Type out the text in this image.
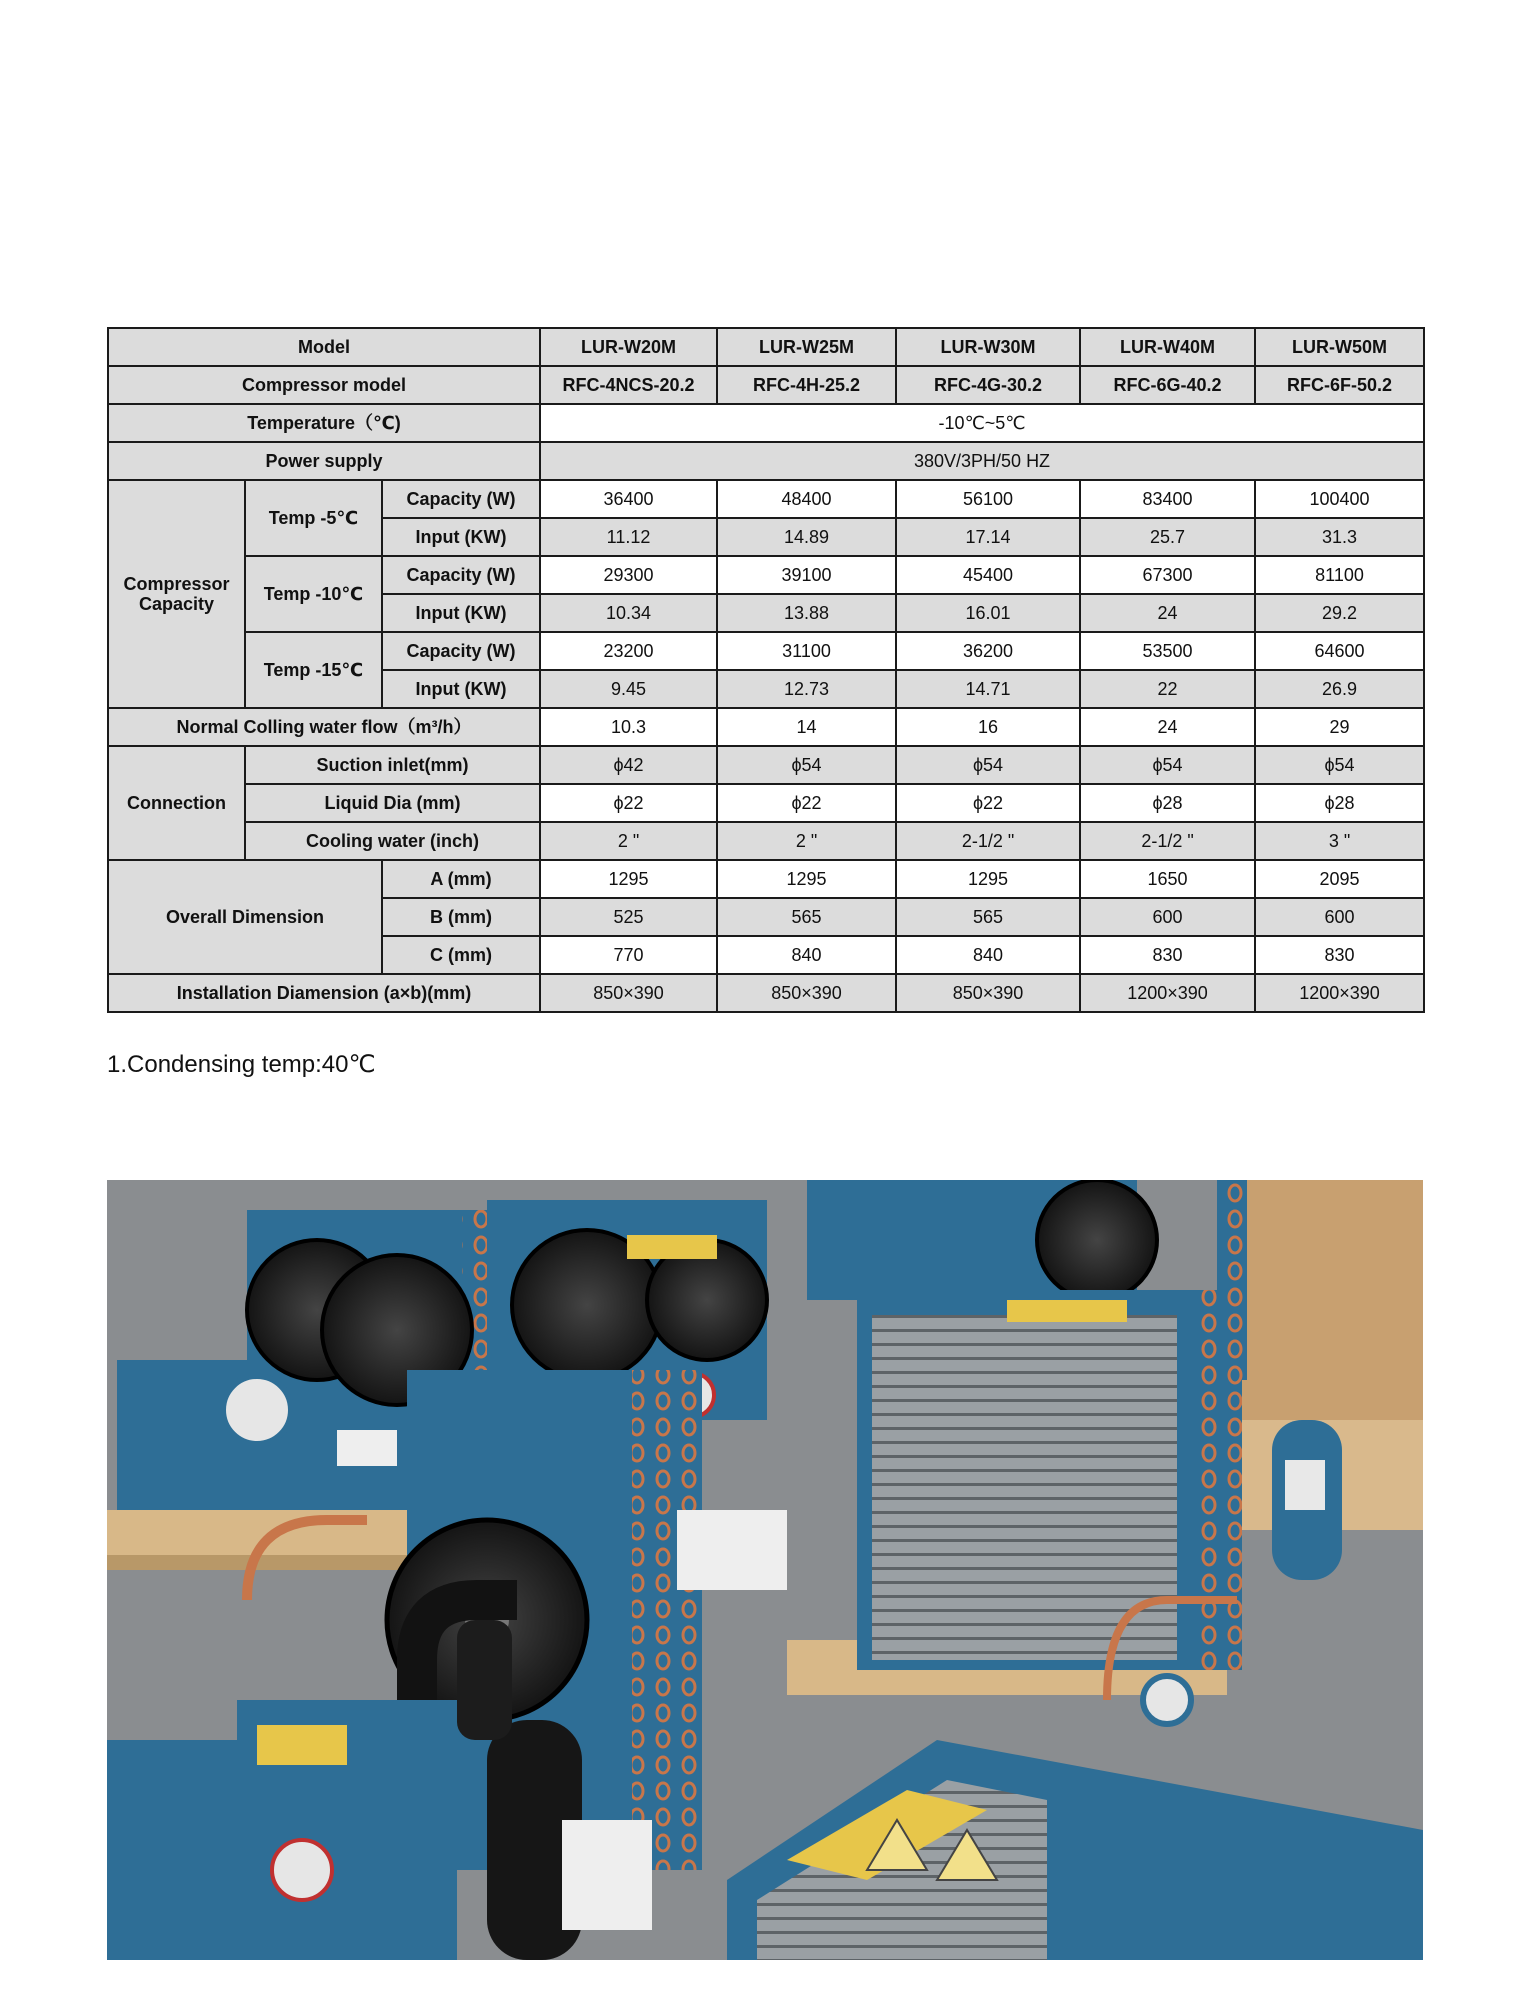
Model			LUR-W20M	LUR-W25M	LUR-W30M	LUR-W40M	LUR-W50M
Compressor model			RFC-4NCS-20.2	RFC-4H-25.2	RFC-4G-30.2	RFC-6G-40.2	RFC-6F-50.2
Temperature（℃)			-10℃~5℃				
Power supply			380V/3PH/50 HZ				
Compressor Capacity	Temp -5℃	Capacity (W)	36400	48400	56100	83400	100400
		Input (KW)	11.12	14.89	17.14	25.7	31.3
	Temp -10℃	Capacity (W)	29300	39100	45400	67300	81100
		Input (KW)	10.34	13.88	16.01	24	29.2
	Temp -15℃	Capacity (W)	23200	31100	36200	53500	64600
		Input (KW)	9.45	12.73	14.71	22	26.9
Normal Colling water flow（m³/h）			10.3	14	16	24	29
Connection	Suction inlet(mm)		ϕ42	ϕ54	ϕ54	ϕ54	ϕ54
	Liquid Dia (mm)		ϕ22	ϕ22	ϕ22	ϕ28	ϕ28
	Cooling water (inch)		2 "	2 "	2-1/2 "	2-1/2 "	3 "
Overall Dimension		A (mm)	1295	1295	1295	1650	2095
		B (mm)	525	565	565	600	600
		C (mm)	770	840	840	830	830
Installation Diamension (a×b)(mm)			850×390	850×390	850×390	1200×390	1200×390
1.Condensing temp:40℃
